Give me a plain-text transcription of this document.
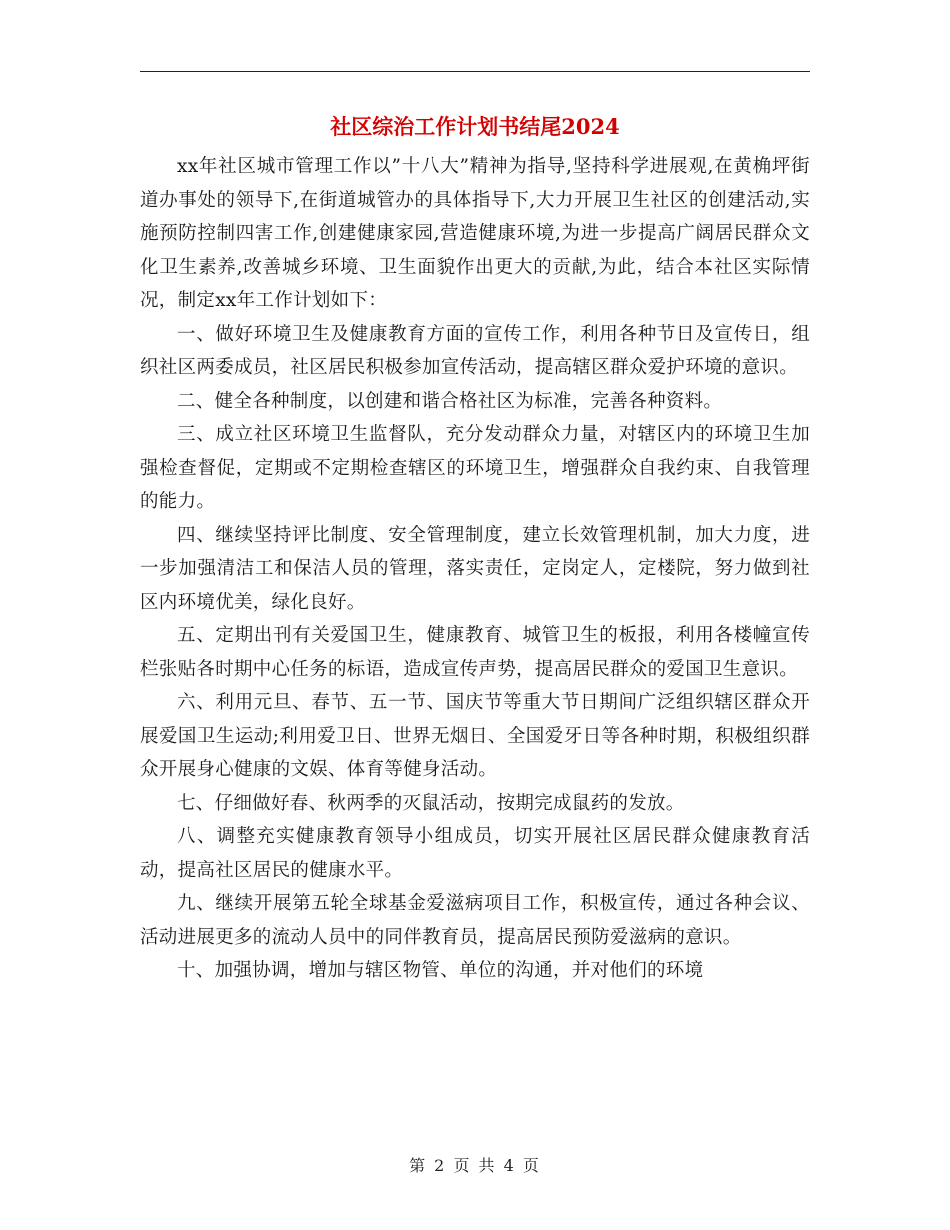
社区综治工作计划书结尾2024

xx年社区城市管理工作以”十八大”精神为指导,坚持科学进展观,在黄桷坪街道办事处的领导下,在街道城管办的具体指导下,大力开展卫生社区的创建活动,实施预防控制四害工作,创建健康家园,营造健康环境,为进一步提高广阔居民群众文化卫生素养,改善城乡环境、卫生面貌作出更大的贡献,为此，结合本社区实际情况，制定xx年工作计划如下：

一、做好环境卫生及健康教育方面的宣传工作，利用各种节日及宣传日，组织社区两委成员，社区居民积极参加宣传活动，提高辖区群众爱护环境的意识。

二、健全各种制度，以创建和谐合格社区为标准，完善各种资料。

三、成立社区环境卫生监督队，充分发动群众力量，对辖区内的环境卫生加强检查督促，定期或不定期检查辖区的环境卫生，增强群众自我约束、自我管理的能力。

四、继续坚持评比制度、安全管理制度，建立长效管理机制，加大力度，进一步加强清洁工和保洁人员的管理，落实责任，定岗定人，定楼院，努力做到社区内环境优美，绿化良好。

五、定期出刊有关爱国卫生，健康教育、城管卫生的板报，利用各楼幢宣传栏张贴各时期中心任务的标语，造成宣传声势，提高居民群众的爱国卫生意识。

六、利用元旦、春节、五一节、国庆节等重大节日期间广泛组织辖区群众开展爱国卫生运动;利用爱卫日、世界无烟日、全国爱牙日等各种时期，积极组织群众开展身心健康的文娱、体育等健身活动。

七、仔细做好春、秋两季的灭鼠活动，按期完成鼠药的发放。

八、调整充实健康教育领导小组成员，切实开展社区居民群众健康教育活动，提高社区居民的健康水平。

九、继续开展第五轮全球基金爱滋病项目工作，积极宣传，通过各种会议、活动进展更多的流动人员中的同伴教育员，提高居民预防爱滋病的意识。

十、加强协调，增加与辖区物管、单位的沟通，并对他们的环境

第 2 页 共 4 页
